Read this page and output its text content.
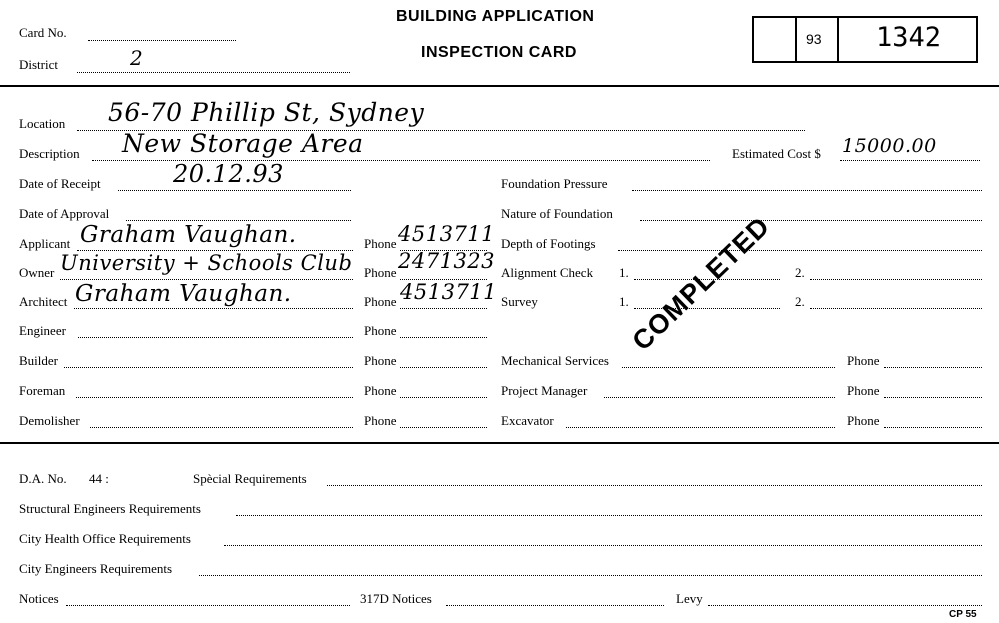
Card No.
District	2
BUILDING APPLICATION
INSPECTION CARD
93 1342
Location 56-70 Phillip St, Sydney
Description New Storage Area	Estimated Cost $ 15000.00
Date of Receipt	20.12.93
Date of Approval
Applicant Graham Vaughan.	Phone 4513711
Owner University + Schools Club Phone 2471323
Architect Graham Vaughan.	Phone 4513711
Engineer	Phone
Builder	Phone
Foreman	Phone
Demolisher	Phone
Foundation Pressure
Nature of Foundation
Depth of Footings
Alignment Check 1.	2.
Survey	1.	2.
Mechanical Services	Phone
Project Manager	Phone
Excavator	Phone
COMPLETED
D.A. No. 44 :	Spècial Requirements
Structural Engineers Requirements
City Health Office Requirements
City Engineers Requirements
Notices	317D Notices	Levy
CP 55
